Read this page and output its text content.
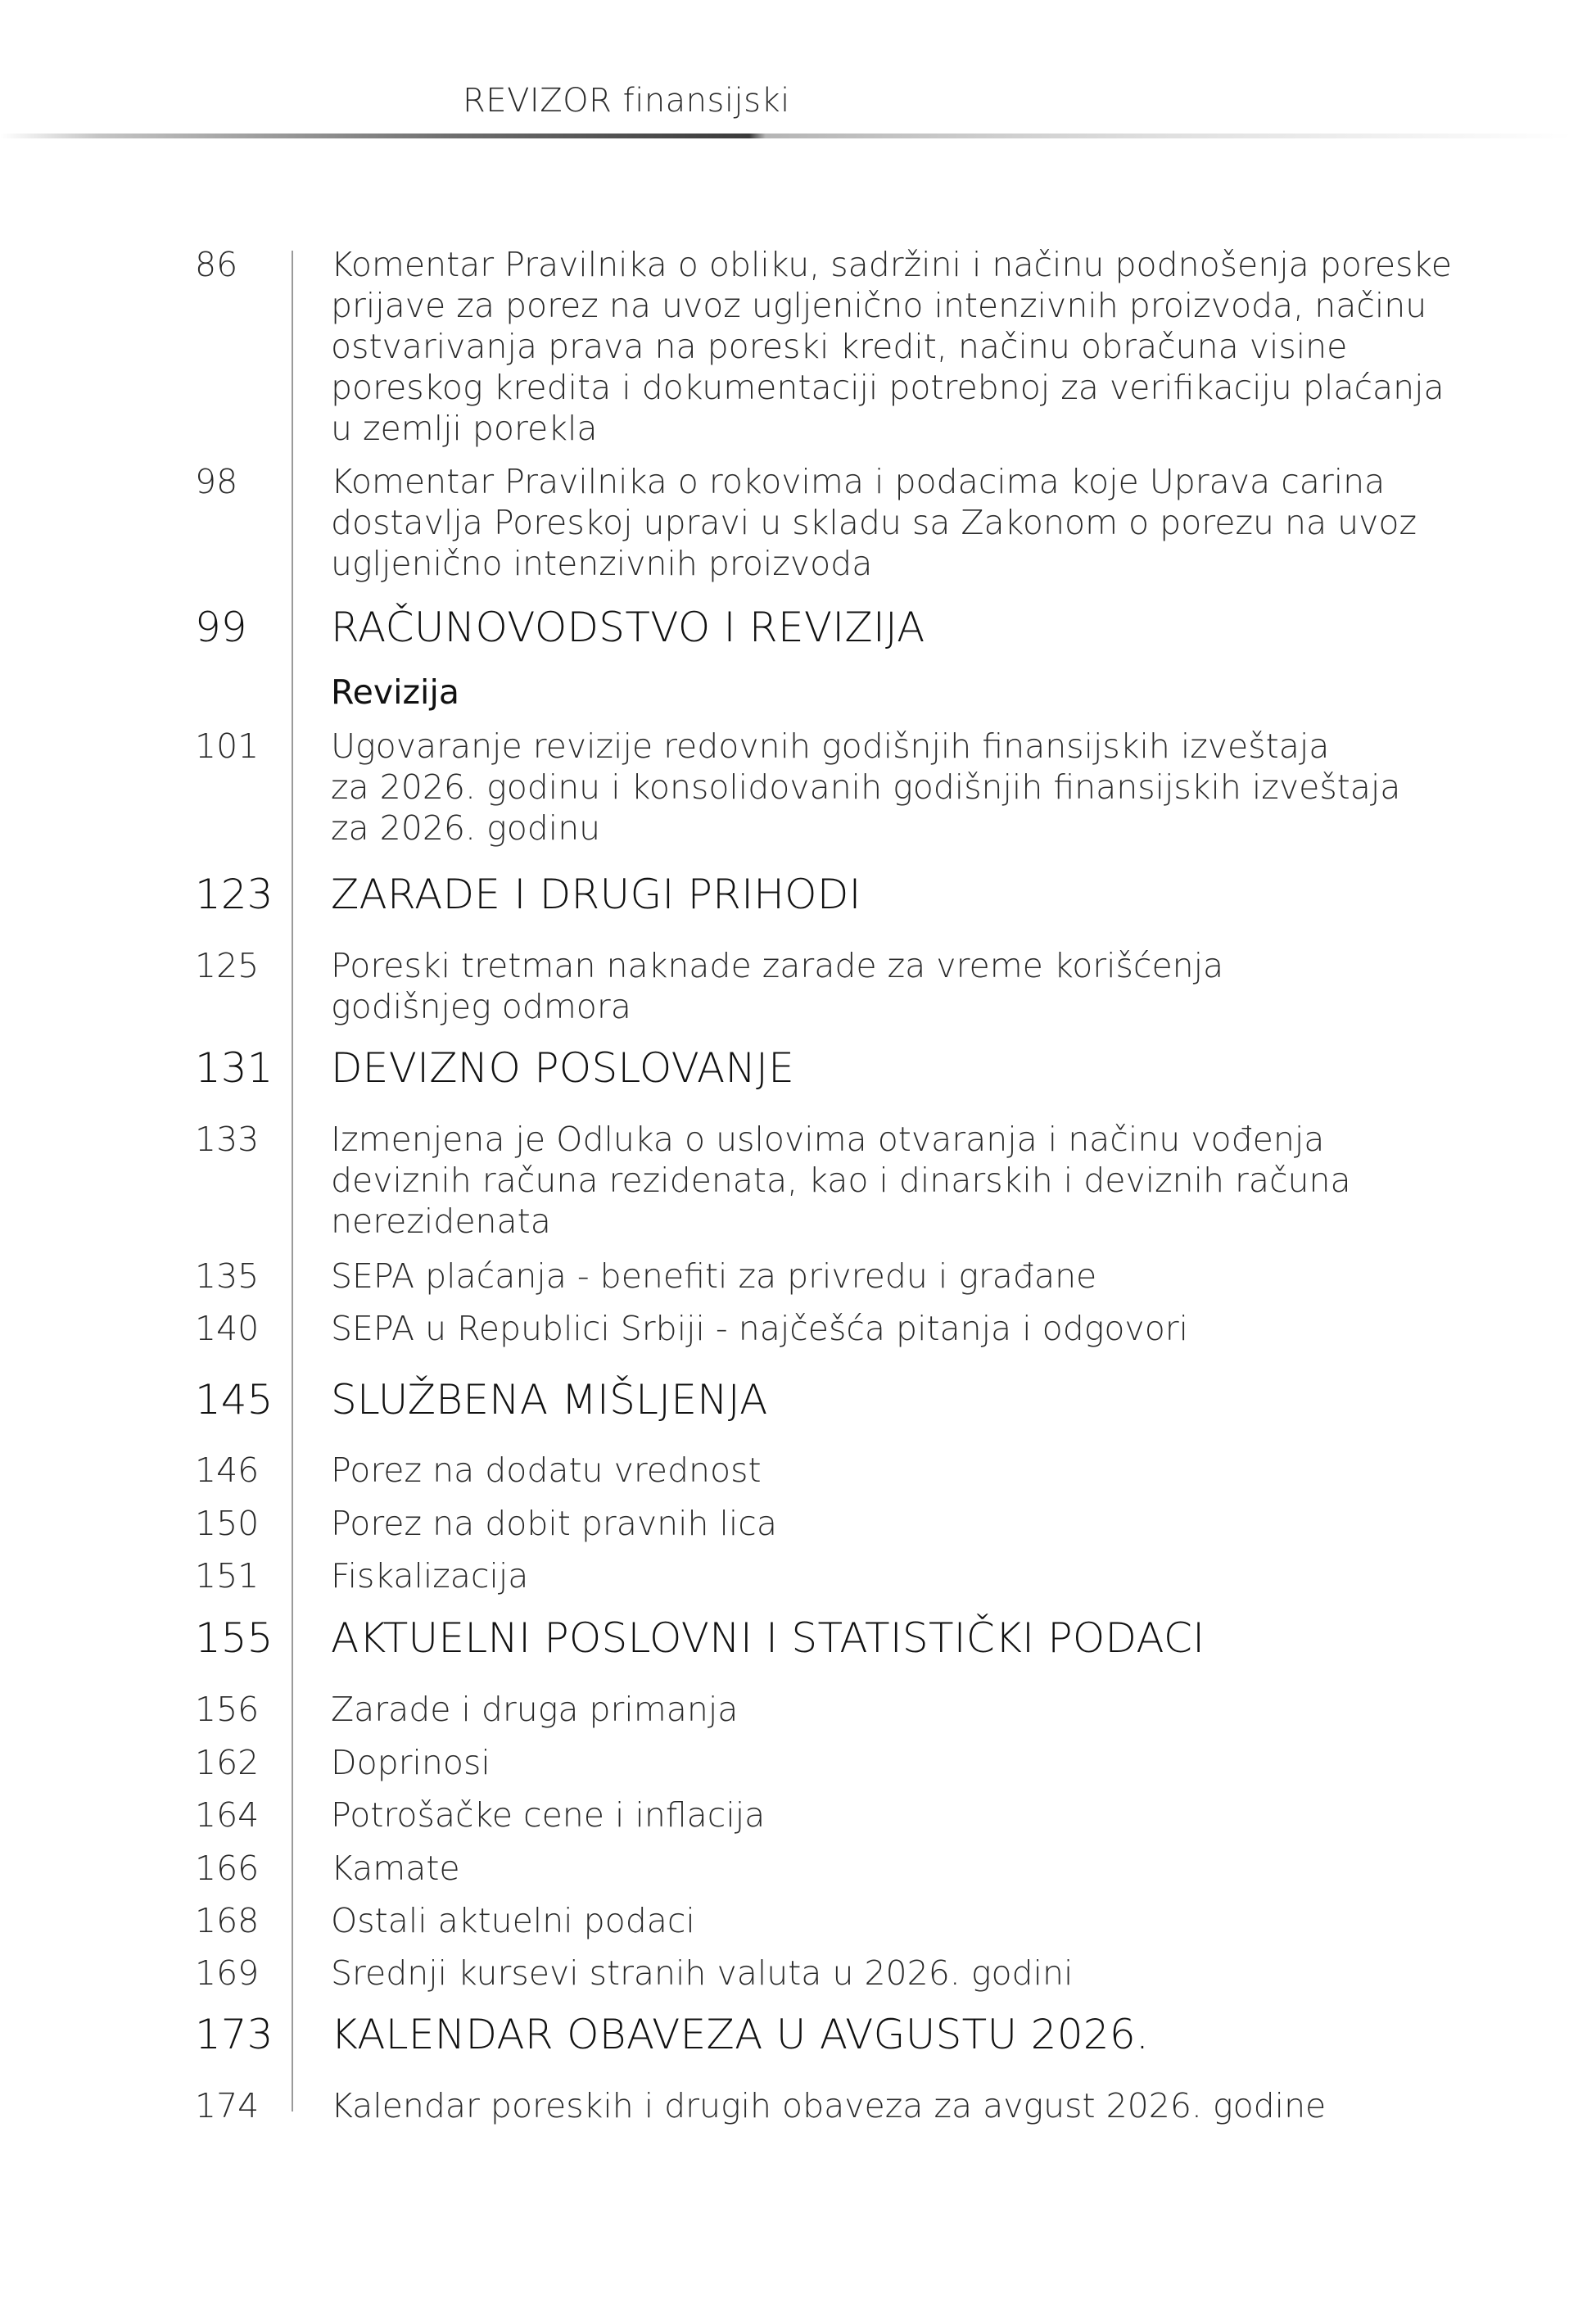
REVIZOR finansijski
86	Komentar Pravilnika o obliku, sadržini i načinu podnošenja poreske
prijave za porez na uvoz ugljenično intenzivnih proizvoda, načinu
ostvarivanja prava na poreski kredit, načinu obračuna visine
poreskog kredita i dokumentaciji potrebnoj za verifikaciju plaćanja
u zemlji porekla
98	Komentar Pravilnika o rokovima i podacima koje Uprava carina
dostavlja Poreskoj upravi u skladu sa Zakonom o porezu na uvoz
ugljenično intenzivnih proizvoda
99 RAČUNOVODSTVO I REVIZIJA
Revizija
101 Ugovaranje revizije redovnih godišnjih finansijskih izveštaja
za 2026. godinu i konsolidovanih godišnjih finansijskih izveštaja
za 2026. godinu
123 ZARADE I DRUGI PRIHODI
125 Poreski tretman naknade zarade za vreme korišćenja
godišnjeg odmora
131 DEVIZNO POSLOVANJE
133 Izmenjena je Odluka o uslovima otvaranja i načinu vođenja
deviznih računa rezidenata, kao i dinarskih i deviznih računa
nerezidenata
135 SEPA plaćanja - benefiti za privredu i građane
140 SEPA u Republici Srbiji - najčešća pitanja i odgovori
145 SLUŽBENA MIŠLJENJA
146 Porez na dodatu vrednost
150 Porez na dobit pravnih lica
151 Fiskalizacija
155 AKTUELNI POSLOVNI I STATISTIČKI PODACI
156 Zarade i druga primanja
162 Doprinosi
164 Potrošačke cene i inflacija
166 Kamate
168 Ostali aktuelni podaci
169 Srednji kursevi stranih valuta u 2026. godini
173 KALENDAR OBAVEZA U AVGUSTU 2026.
174 Kalendar poreskih i drugih obaveza za avgust 2026. godine
